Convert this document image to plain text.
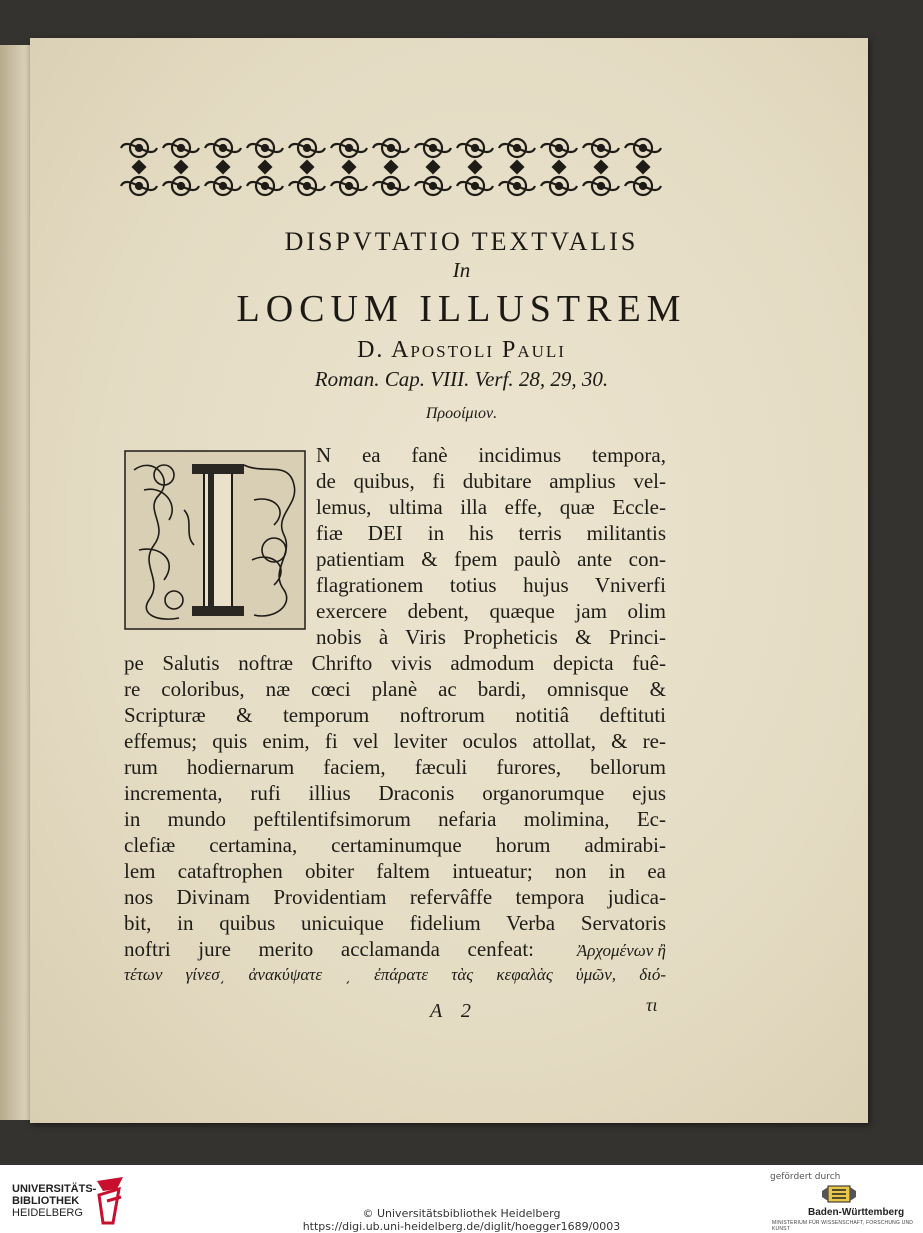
DISPVTATIO TEXTVALIS
In
LOCUM ILLUSTREM
D. Apostoli Pauli
Roman. Cap. VIII. Verf. 28, 29, 30.
Προοίμιον.
N ea fanè incidimus tempora,
de quibus, fi dubitare amplius vel-
lemus, ultima illa effe, quæ Eccle-
fiæ DEI in his terris militantis
patientiam & fpem paulò ante con-
flagrationem totius hujus Vniverfi
exercere debent, quæque jam olim
nobis à Viris Propheticis & Princi-
pe Salutis noftræ Chrifto vivis admodum depicta fuê-
re coloribus, næ cœci planè ac bardi, omnisque &
Scripturæ & temporum noftrorum notitiâ deftituti
effemus; quis enim, fi vel leviter oculos attollat, & re-
rum hodiernarum faciem, fæculi furores, bellorum
incrementa, rufi illius Draconis organorumque ejus
in mundo peftilentifsimorum nefaria molimina, Ec-
clefiæ certamina, certaminumque horum admirabi-
lem cataftrophen obiter faltem intueatur; non in ea
nos Divinam Providentiam refervâffe tempora judica-
bit, in quibus unicuique fidelium Verba Servatoris
noftri jure merito acclamanda cenfeat:	Ἀρχομένων ἢ
τέτων γίνεσ͵ ἀνακύψατε ͵ ἐπάρατε τὰς κεφαλὰς ὑμῶν, διό-
A 2	τι
UNIVERSITÄTS-
BIBLIOTHEK
HEIDELBERG	© Universitätsbibliothek Heidelberg
https://digi.ub.uni-heidelberg.de/diglit/hoegger1689/0003
gefördert durch
Baden-Württemberg
MINISTERIUM FÜR WISSENSCHAFT, FORSCHUNG UND KUNST
